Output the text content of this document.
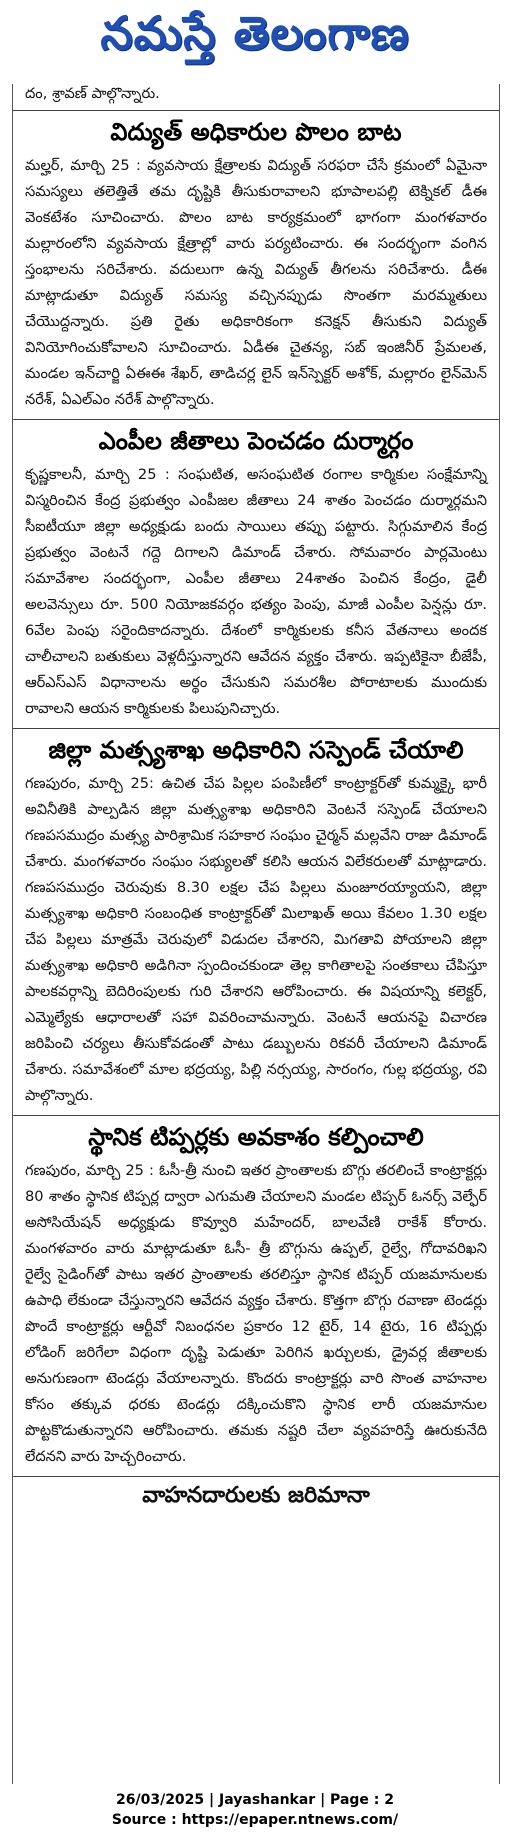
నమస్తే తెలంగాణ

దం, శ్రావణ్ పాల్గొన్నారు.

విద్యుత్ అధికారుల పొలం బాట

మల్హర్, మార్చి 25 : వ్యవసాయ క్షేత్రాలకు విద్యుత్ సరఫరా చేసే క్రమంలో ఏమైనా సమస్యలు తలెత్తితే తమ దృష్టికి తీసుకురావాలని భూపాలపల్లి టెక్నికల్ డీఈ వెంకటేశం సూచించారు. పొలం బాట కార్యక్రమంలో భాగంగా మంగళవారం మల్లారంలోని వ్యవసాయ క్షేత్రాల్లో వారు పర్యటించారు. ఈ సందర్భంగా వంగిన స్తంభాలను సరిచేశారు. వదులుగా ఉన్న విద్యుత్ తీగలను సరిచేశారు. డీఈ మాట్లాడుతూ విద్యుత్ సమస్య వచ్చినప్పుడు సొంతగా మరమ్మతులు చేయొద్దన్నారు. ప్రతి రైతు అధికారికంగా కనెక్షన్ తీసుకుని విద్యుత్ వినియోగించుకోవాలని సూచించారు. ఏడీఈ చైతన్య, సబ్ ఇంజినీర్ ప్రేమలత, మండల ఇన్‌చార్జి ఏఈఈ శేఖర్, తాడిచర్ల లైన్ ఇన్‌స్పెక్టర్ అశోక్, మల్లారం లైన్‌మెన్ నరేశ్, ఏఎల్ఎం నరేశ్ పాల్గొన్నారు.

ఎంపీల జీతాలు పెంచడం దుర్మార్గం

కృష్ణకాలనీ, మార్చి 25 : సంఘటిత, అసంఘటిత రంగాల కార్మికుల సంక్షేమాన్ని విస్మరించిన కేంద్ర ప్రభుత్వం ఎంపీజల జీతాలు 24 శాతం పెంచడం దుర్మార్గమని సీఐటీయూ జిల్లా అధ్యక్షుడు బందు సాయిలు తప్పు పట్టారు. సిగ్గుమాలిన కేంద్ర ప్రభుత్వం వెంటనే గద్దె దిగాలని డిమాండ్ చేశారు. సోమవారం పార్లమెంటు సమావేశాల సందర్భంగా, ఎంపీల జీతాలు 24శాతం పెంచిన కేంద్రం, డైలీ అలవెన్సులు రూ. 500 నియోజకవర్గం భత్యం పెంపు, మాజీ ఎంపీల పెన్షన్లు రూ. 6వేల పెంపు సరైందికాదన్నారు. దేశంలో కార్మికులకు కనీస వేతనాలు అందక చాలీచాలని బతుకులు వెళ్లదీస్తున్నారని ఆవేదన వ్యక్తం చేశారు. ఇప్పటికైనా బీజేపీ, ఆర్ఎస్ఎస్ విధానాలను అర్థం చేసుకుని సమరశీల పోరాటాలకు ముందుకు రావాలని ఆయన కార్మికులకు పిలుపునిచ్చారు.

జిల్లా మత్స్యశాఖ అధికారిని సస్పెండ్ చేయాలి

గణపురం, మార్చి 25: ఉచిత చేప పిల్లల పంపిణీలో కాంట్రాక్టర్‌తో కుమ్మక్కై భారీ అవినీతికి పాల్పడిన జిల్లా మత్స్యశాఖ అధికారిని వెంటనే సస్పెండ్ చేయాలని గణపసముద్రం మత్స్య పారిశ్రామిక సహకార సంఘం చైర్మన్ మల్లవేని రాజు డిమాండ్ చేశారు. మంగళవారం సంఘం సభ్యులతో కలిసి ఆయన విలేకరులతో మాట్లాడారు. గణపసముద్రం చెరువుకు 8.30 లక్షల చేప పిల్లలు మంజూరయ్యాయని, జిల్లా మత్స్యశాఖ అధికారి సంబంధిత కాంట్రాక్టర్‌తో మిలాఖత్ అయి కేవలం 1.30 లక్షల చేప పిల్లలు మాత్రమే చెరువులో విడుదల చేశారని, మిగతావి పోయాలని జిల్లా మత్స్యశాఖ అధికారి అడిగినా స్పందించకుండా తెల్ల కాగితాలపై సంతకాలు చేపిస్తూ పాలకవర్గాన్ని బెదిరింపులకు గురి చేశారని ఆరోపించారు. ఈ విషయాన్ని కలెక్టర్, ఎమ్మెల్యేకు ఆధారాలతో సహా వివరించామన్నారు. వెంటనే ఆయనపై విచారణ జరిపించి చర్యలు తీసుకోవడంతో పాటు డబ్బులను రికవరీ చేయాలని డిమాండ్ చేశారు. సమావేశంలో మాల భద్రయ్య, పిల్లి నర్సయ్య, సారంగం, గుల్ల భద్రయ్య, రవి పాల్గొన్నారు.

స్థానిక టిప్పర్లకు అవకాశం కల్పించాలి

గణపురం, మార్చి 25 : ఓసీ-త్రీ నుంచి ఇతర ప్రాంతాలకు బొగ్గు తరలించే కాంట్రాక్టర్లు 80 శాతం స్థానిక టిప్పర్ల ద్వారా ఎగుమతి చేయాలని మండల టిప్పర్ ఓనర్స్ వెల్ఫేర్ అసోసియేషన్ అధ్యక్షుడు కొవ్వూరి మహేందర్, బాలవేణి రాకేశ్ కోరారు. మంగళవారం వారు మాట్లాడుతూ ఓసీ- త్రీ బొగ్గును ఉప్పల్, రైల్వే, గోదావరిఖని రైల్వే సైడింగ్‌తో పాటు ఇతర ప్రాంతాలకు తరలిస్తూ స్థానిక టిప్పర్ యజమానులకు ఉపాధి లేకుండా చేస్తున్నారని ఆవేదన వ్యక్తం చేశారు. కొత్తగా బొగ్గు రవాణా టెండర్లు పొందే కాంట్రాక్టర్లు ఆర్టీవో నిబంధనల ప్రకారం 12 టైర్, 14 టైరు, 16 టిప్పర్లు లోడింగ్ జరిగేలా విధంగా దృష్టి పెడుతూ పెరిగిన ఖర్చులకు, డ్రైవర్ల జీతాలకు అనుగుణంగా టెండర్లు వేయాలన్నారు. కొందరు కాంట్రాక్టర్లు వారి సొంత వాహనాల కోసం తక్కువ ధరకు టెండర్లు దక్కించుకొని స్థానిక లారీ యజమానుల పొట్టకొడుతున్నారని ఆరోపించారు. తమకు నష్టరి చేలా వ్యవహరిస్తే ఊరుకునేది లేదనని వారు హెచ్చరించారు.

వాహనదారులకు జరిమానా
26/03/2025 | Jayashankar | Page : 2
Source : https://epaper.ntnews.com/
